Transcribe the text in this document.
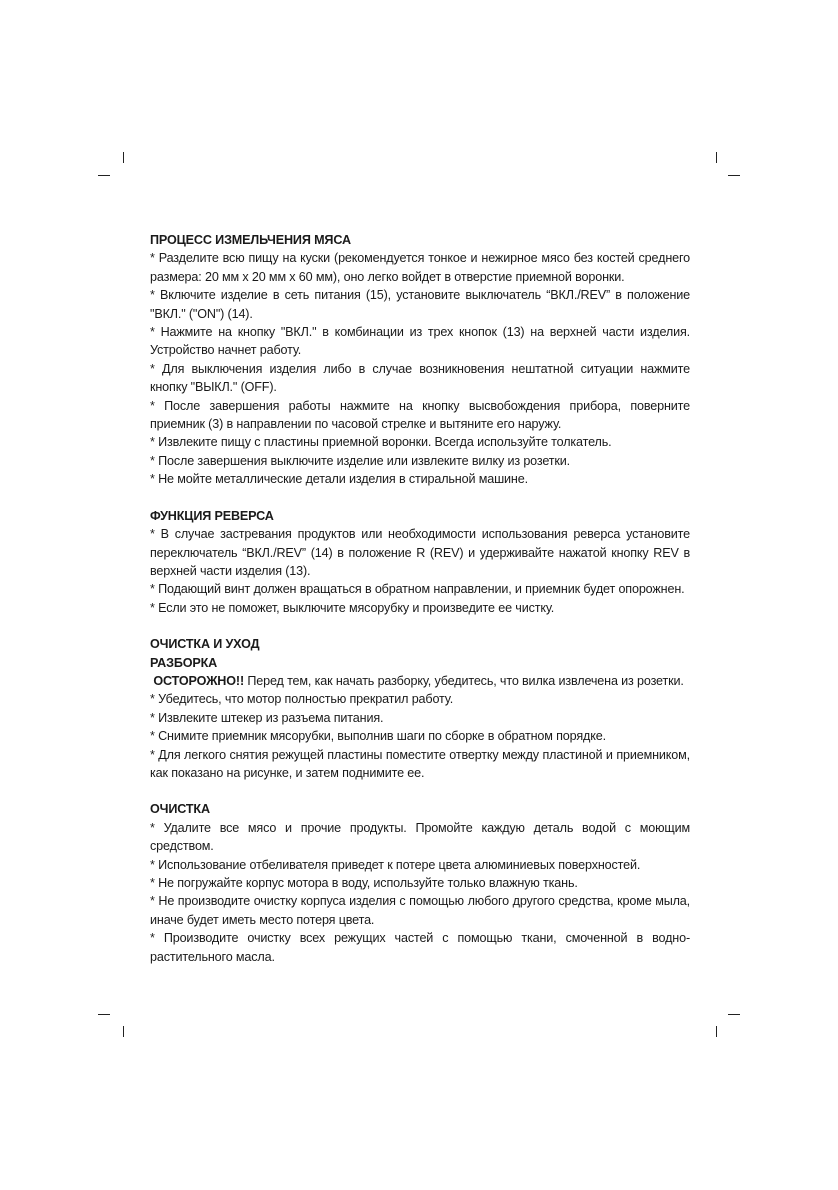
ПРОЦЕСС ИЗМЕЛЬЧЕНИЯ МЯСА

* Разделите всю пищу на куски (рекомендуется тонкое и нежирное мясо без костей среднего размера: 20 мм х 20 мм х 60 мм), оно легко войдет в отверстие приемной воронки.

* Включите изделие в сеть питания (15), установите выключатель “ВКЛ./REV” в положение "ВКЛ." ("ON") (14).

* Нажмите на кнопку "ВКЛ." в комбинации из трех кнопок (13) на верхней части изделия. Устройство начнет работу.

* Для выключения изделия либо в случае возникновения нештатной ситуации нажмите кнопку "ВЫКЛ." (OFF).

* После завершения работы нажмите на кнопку высвобождения прибора, поверните приемник (3) в направлении по часовой стрелке и вытяните его наружу.

* Извлеките пищу с пластины приемной воронки. Всегда используйте толкатель.

* После завершения выключите изделие или извлеките вилку из розетки.

* Не мойте металлические детали изделия в стиральной машине.

ФУНКЦИЯ РЕВЕРСА

* В случае застревания продуктов или необходимости использования реверса установите переключатель “ВКЛ./REV” (14) в положение R (REV) и удерживайте нажатой кнопку REV в верхней части изделия (13).

* Подающий винт должен вращаться в обратном направлении, и приемник будет опорожнен.

* Если это не поможет, выключите мясорубку и произведите ее чистку.

ОЧИСТКА И УХОД

РАЗБОРКА

ОСТОРОЖНО!! Перед тем, как начать разборку, убедитесь, что вилка извлечена из розетки.

* Убедитесь, что мотор полностью прекратил работу.

* Извлеките штекер из разъема питания.

* Снимите приемник мясорубки, выполнив шаги по сборке в обратном порядке.

* Для легкого снятия режущей пластины поместите отвертку между пластиной и приемником, как показано на рисунке, и затем поднимите ее.

ОЧИСТКА

* Удалите все мясо и прочие продукты. Промойте каждую деталь водой с моющим средством.

* Использование отбеливателя приведет к потере цвета алюминиевых поверхностей.

* Не погружайте корпус мотора в воду, используйте только влажную ткань.

* Не производите очистку корпуса изделия с помощью любого другого средства, кроме мыла, иначе будет иметь место потеря цвета.

* Производите очистку всех режущих частей с помощью ткани, смоченной в водно-растительного масла.
